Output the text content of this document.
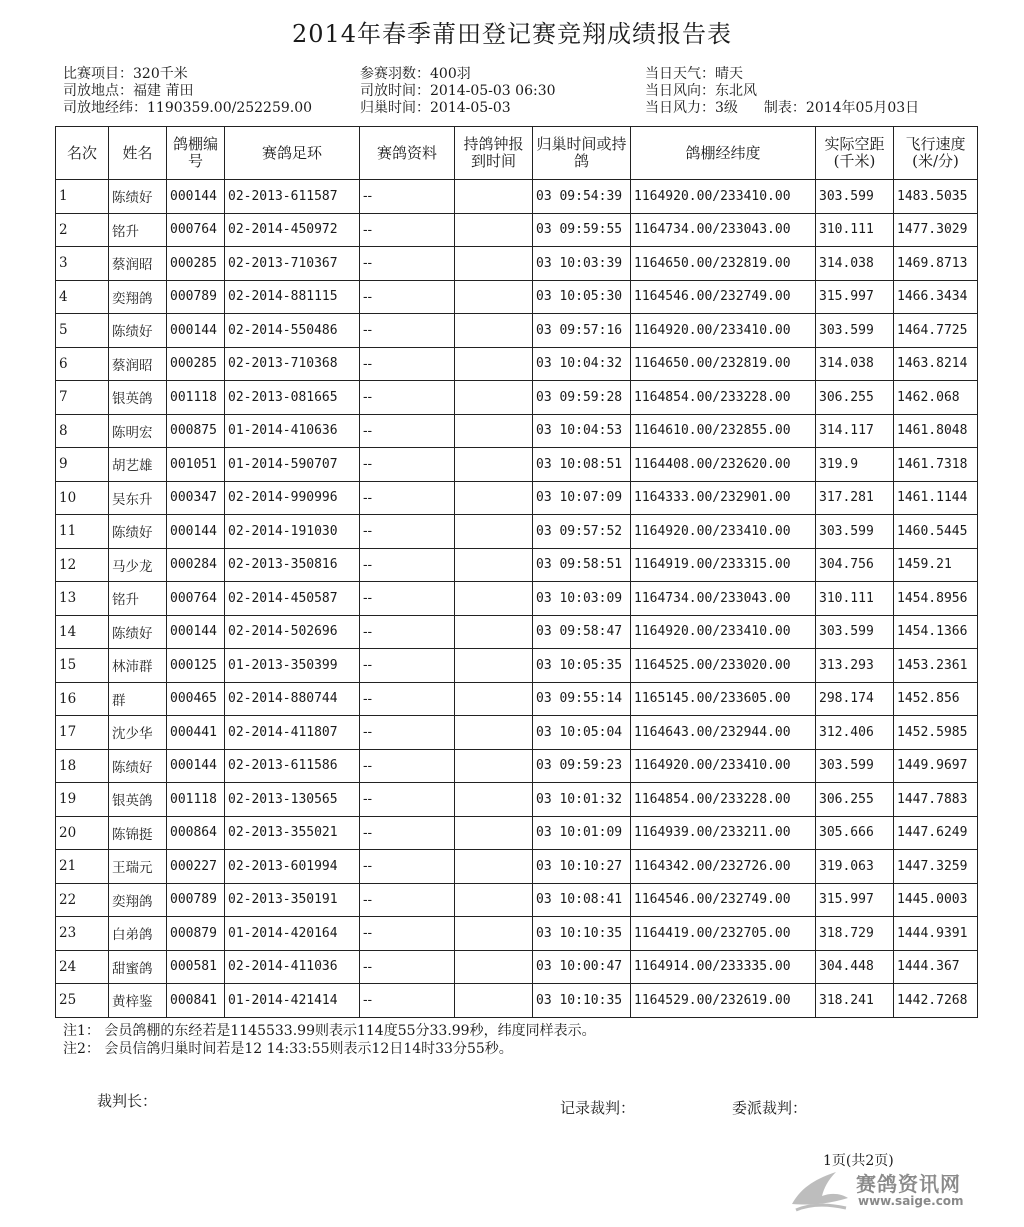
2014年春季莆田登记赛竞翔成绩报告表
比赛项目：320千米
司放地点：福建 莆田
司放地经纬：1190359.00/252259.00
参赛羽数：400羽
司放时间：2014-05-03 06:30
归巢时间：2014-05-03
当日天气：晴天
当日风向：东北风
当日风力：3级 制表：2014年05月03日
名次	姓名	鸽棚编号	赛鸽足环	赛鸽资料	持鸽钟报到时间	归巢时间或持鸽	鸽棚经纬度	实际空距(千米)	飞行速度(米/分)
1	陈绩好	000144	02-2013-611587	--		03 09:54:39	1164920.00/233410.00	303.599	1483.5035
2	铭升	000764	02-2014-450972	--		03 09:59:55	1164734.00/233043.00	310.111	1477.3029
3	蔡润昭	000285	02-2013-710367	--		03 10:03:39	1164650.00/232819.00	314.038	1469.8713
4	奕翔鸽	000789	02-2014-881115	--		03 10:05:30	1164546.00/232749.00	315.997	1466.3434
5	陈绩好	000144	02-2014-550486	--		03 09:57:16	1164920.00/233410.00	303.599	1464.7725
6	蔡润昭	000285	02-2013-710368	--		03 10:04:32	1164650.00/232819.00	314.038	1463.8214
7	银英鸽	001118	02-2013-081665	--		03 09:59:28	1164854.00/233228.00	306.255	1462.068
8	陈明宏	000875	01-2014-410636	--		03 10:04:53	1164610.00/232855.00	314.117	1461.8048
9	胡艺雄	001051	01-2014-590707	--		03 10:08:51	1164408.00/232620.00	319.9	1461.7318
10	吴东升	000347	02-2014-990996	--		03 10:07:09	1164333.00/232901.00	317.281	1461.1144
11	陈绩好	000144	02-2014-191030	--		03 09:57:52	1164920.00/233410.00	303.599	1460.5445
12	马少龙	000284	02-2013-350816	--		03 09:58:51	1164919.00/233315.00	304.756	1459.21
13	铭升	000764	02-2014-450587	--		03 10:03:09	1164734.00/233043.00	310.111	1454.8956
14	陈绩好	000144	02-2014-502696	--		03 09:58:47	1164920.00/233410.00	303.599	1454.1366
15	林沛群	000125	01-2013-350399	--		03 10:05:35	1164525.00/233020.00	313.293	1453.2361
16	群	000465	02-2014-880744	--		03 09:55:14	1165145.00/233605.00	298.174	1452.856
17	沈少华	000441	02-2014-411807	--		03 10:05:04	1164643.00/232944.00	312.406	1452.5985
18	陈绩好	000144	02-2013-611586	--		03 09:59:23	1164920.00/233410.00	303.599	1449.9697
19	银英鸽	001118	02-2013-130565	--		03 10:01:32	1164854.00/233228.00	306.255	1447.7883
20	陈锦挺	000864	02-2013-355021	--		03 10:01:09	1164939.00/233211.00	305.666	1447.6249
21	王瑞元	000227	02-2013-601994	--		03 10:10:27	1164342.00/232726.00	319.063	1447.3259
22	奕翔鸽	000789	02-2013-350191	--		03 10:08:41	1164546.00/232749.00	315.997	1445.0003
23	白弟鸽	000879	01-2014-420164	--		03 10:10:35	1164419.00/232705.00	318.729	1444.9391
24	甜蜜鸽	000581	02-2014-411036	--		03 10:00:47	1164914.00/233335.00	304.448	1444.367
25	黄梓鉴	000841	01-2014-421414	--		03 10:10:35	1164529.00/232619.00	318.241	1442.7268
注1： 会员鸽棚的东经若是1145533.99则表示114度55分33.99秒，纬度同样表示。
注2： 会员信鸽归巢时间若是12 14:33:55则表示12日14时33分55秒。
裁判长：	记录裁判：	委派裁判：
1页(共2页)
赛鸽资讯网
www.saige.com
